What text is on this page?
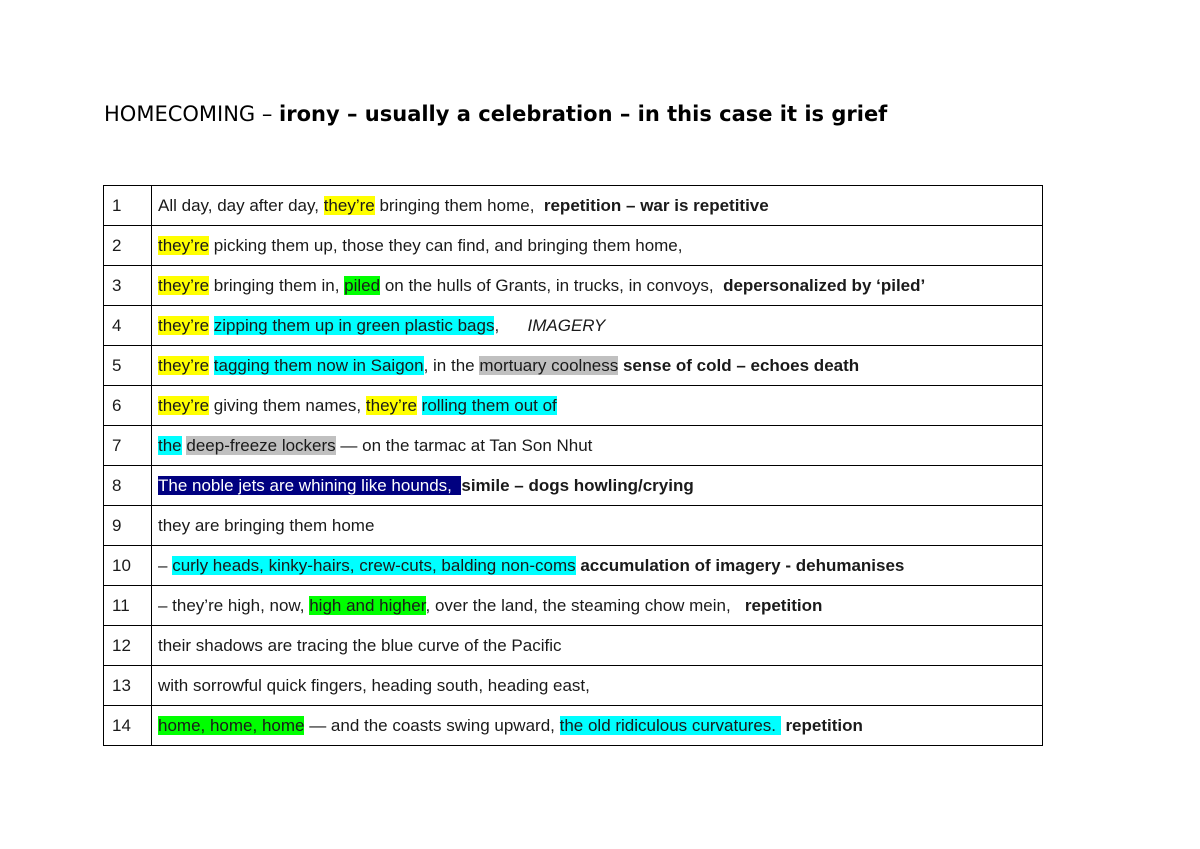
HOMECOMING – irony – usually a celebration – in this case it is grief
1	All day, day after day, they’re bringing them home,  repetition – war is repetitive
2	they’re picking them up, those they can find, and bringing them home,
3	they’re bringing them in, piled on the hulls of Grants, in trucks, in convoys,  depersonalized by ‘piled’
4	they’re zipping them up in green plastic bags,      IMAGERY
5	they’re tagging them now in Saigon, in the mortuary coolness sense of cold – echoes death
6	they’re giving them names, they’re rolling them out of
7	the deep-freeze lockers — on the tarmac at Tan Son Nhut
8	The noble jets are whining like hounds,  simile – dogs howling/crying
9	they are bringing them home
10	– curly heads, kinky-hairs, crew-cuts, balding non-coms accumulation of imagery - dehumanises
11	– they’re high, now, high and higher, over the land, the steaming chow mein,   repetition
12	their shadows are tracing the blue curve of the Pacific
13	with sorrowful quick fingers, heading south, heading east,
14	home, home, home — and the coasts swing upward, the old ridiculous curvatures.  repetition
